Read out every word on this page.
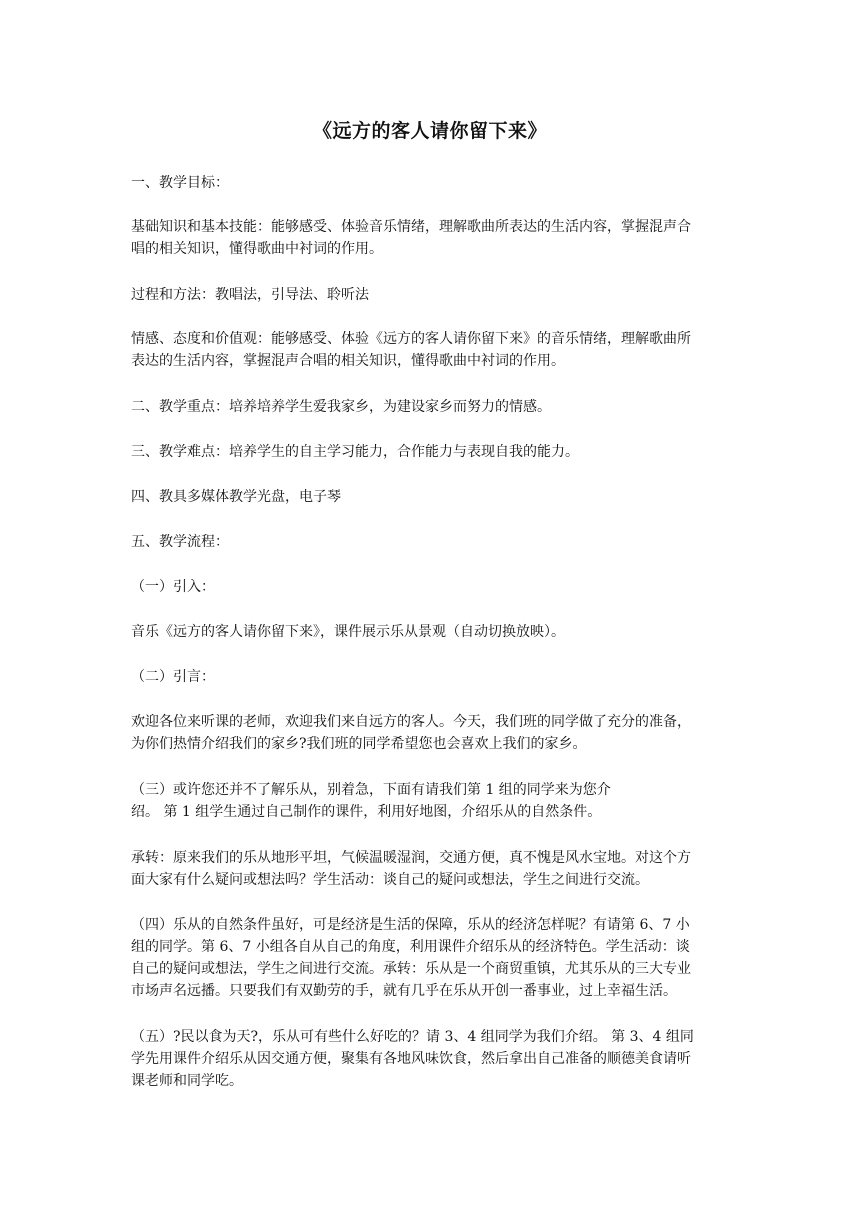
《远方的客人请你留下来》
一、教学目标：
基础知识和基本技能：能够感受、体验音乐情绪，理解歌曲所表达的生活内容，掌握混声合
唱的相关知识，懂得歌曲中衬词的作用。
过程和方法：教唱法，引导法、聆听法
情感、态度和价值观：能够感受、体验《远方的客人请你留下来》的音乐情绪，理解歌曲所
表达的生活内容，掌握混声合唱的相关知识，懂得歌曲中衬词的作用。
二、教学重点：培养培养学生爱我家乡，为建设家乡而努力的情感。
三、教学难点：培养学生的自主学习能力，合作能力与表现自我的能力。
四、教具多媒体教学光盘，电子琴
五、教学流程：
（一）引入：
音乐《远方的客人请你留下来》，课件展示乐从景观（自动切换放映）。
（二）引言：
欢迎各位来听课的老师，欢迎我们来自远方的客人。今天，我们班的同学做了充分的准备，
为你们热情介绍我们的家乡?我们班的同学希望您也会喜欢上我们的家乡。
（三）或许您还并不了解乐从，别着急，下面有请我们第 1 组的同学来为您介
绍。 第 1 组学生通过自己制作的课件，利用好地图，介绍乐从的自然条件。
承转：原来我们的乐从地形平坦，气候温暖湿润，交通方便，真不愧是风水宝地。对这个方
面大家有什么疑问或想法吗？学生活动：谈自己的疑问或想法，学生之间进行交流。
（四）乐从的自然条件虽好，可是经济是生活的保障，乐从的经济怎样呢？有请第 6、7 小
组的同学。第 6、7 小组各自从自己的角度，利用课件介绍乐从的经济特色。学生活动：谈
自己的疑问或想法，学生之间进行交流。承转：乐从是一个商贸重镇，尤其乐从的三大专业
市场声名远播。只要我们有双勤劳的手，就有几乎在乐从开创一番事业，过上幸福生活。
（五）?民以食为天?，乐从可有些什么好吃的？请 3、4 组同学为我们介绍。 第 3、4 组同
学先用课件介绍乐从因交通方便，聚集有各地风味饮食，然后拿出自己准备的顺德美食请听
课老师和同学吃。
